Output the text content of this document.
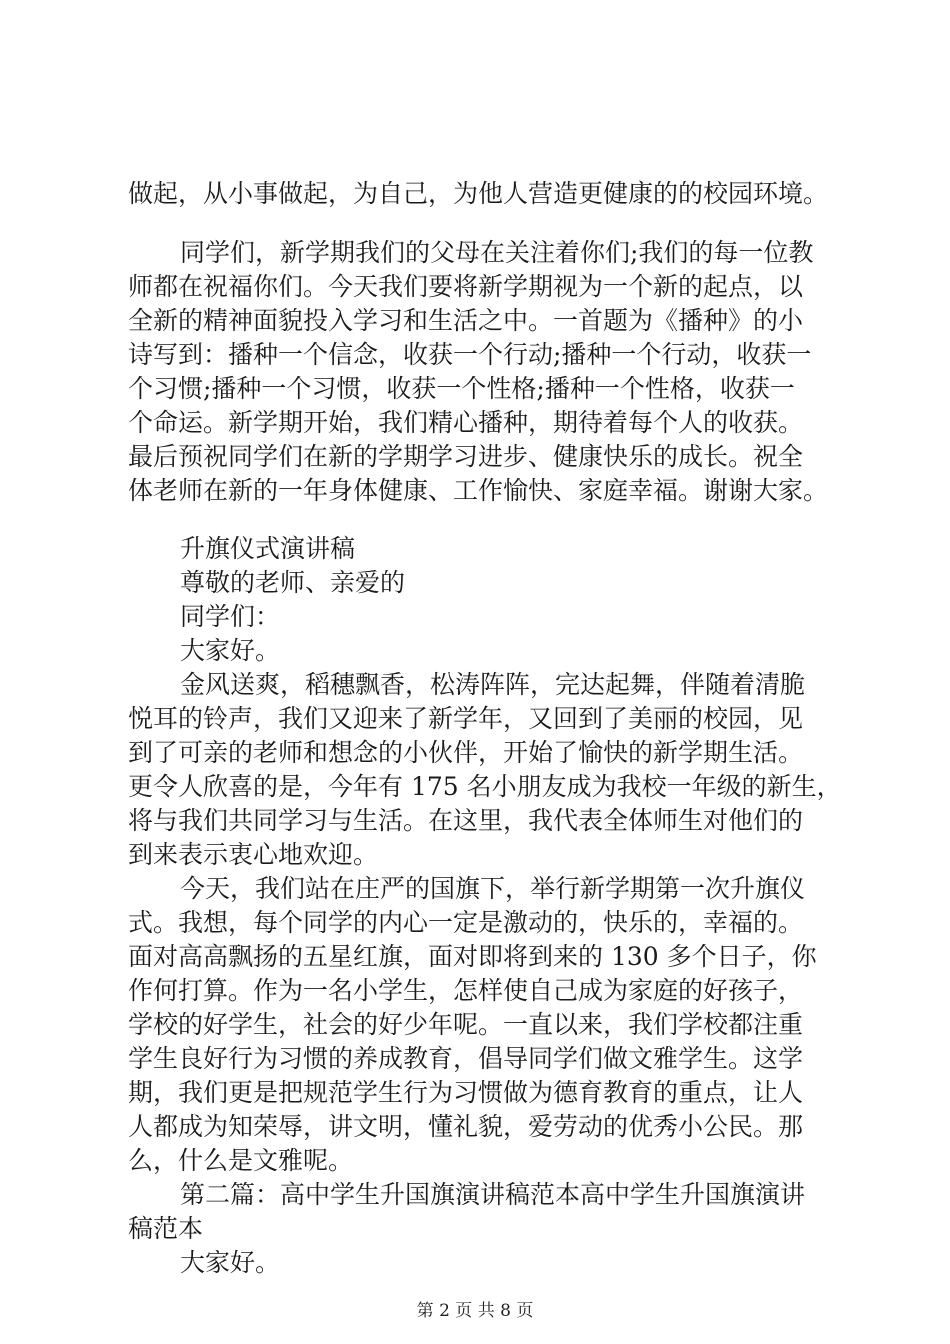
做起，从小事做起，为自己，为他人营造更健康的的校园环境。
同学们，新学期我们的父母在关注着你们;我们的每一位教
师都在祝福你们。今天我们要将新学期视为一个新的起点，以
全新的精神面貌投入学习和生活之中。一首题为《播种》的小
诗写到：播种一个信念，收获一个行动;播种一个行动，收获一
个习惯;播种一个习惯，收获一个性格;播种一个性格，收获一
个命运。新学期开始，我们精心播种，期待着每个人的收获。
最后预祝同学们在新的学期学习进步、健康快乐的成长。祝全
体老师在新的一年身体健康、工作愉快、家庭幸福。谢谢大家。
升旗仪式演讲稿
尊敬的老师、亲爱的
同学们：
大家好。
金风送爽，稻穗飘香，松涛阵阵，完达起舞，伴随着清脆
悦耳的铃声，我们又迎来了新学年，又回到了美丽的校园，见
到了可亲的老师和想念的小伙伴，开始了愉快的新学期生活。
更令人欣喜的是，今年有 175 名小朋友成为我校一年级的新生，
将与我们共同学习与生活。在这里，我代表全体师生对他们的
到来表示衷心地欢迎。
今天，我们站在庄严的国旗下，举行新学期第一次升旗仪
式。我想，每个同学的内心一定是激动的，快乐的，幸福的。
面对高高飘扬的五星红旗，面对即将到来的 130 多个日子，你
作何打算。作为一名小学生，怎样使自己成为家庭的好孩子，
学校的好学生，社会的好少年呢。一直以来，我们学校都注重
学生良好行为习惯的养成教育，倡导同学们做文雅学生。这学
期，我们更是把规范学生行为习惯做为德育教育的重点，让人
人都成为知荣辱，讲文明，懂礼貌，爱劳动的优秀小公民。那
么，什么是文雅呢。
第二篇：高中学生升国旗演讲稿范本高中学生升国旗演讲
稿范本
大家好。
第 2 页 共 8 页
